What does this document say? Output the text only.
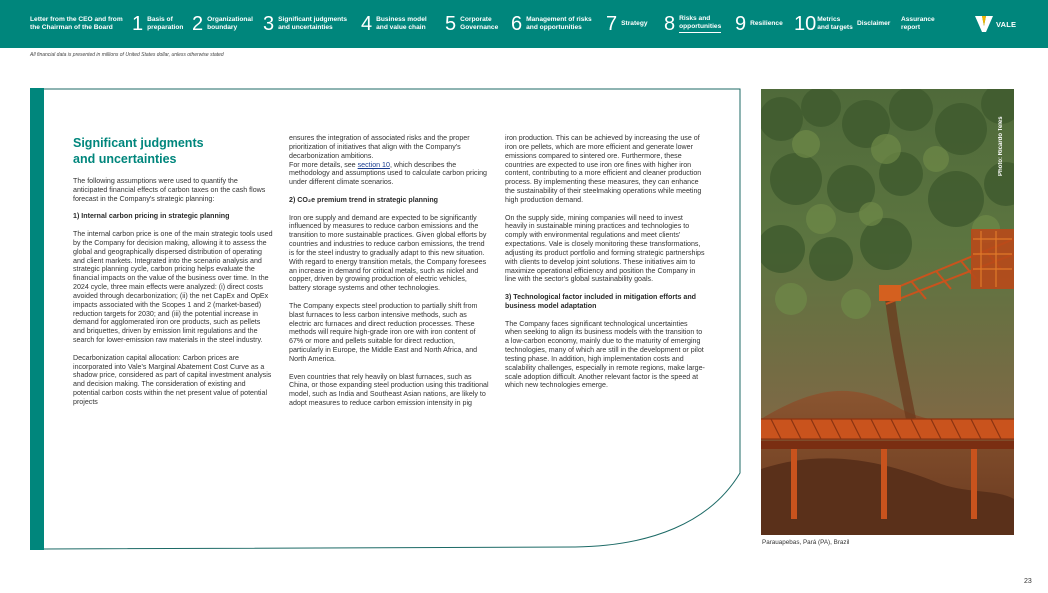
Letter from the CEO and from
the Chairman of the Board 1 Basis of
preparation 2 Organizational
boundary	3 Significant judgments
and uncertainties	4 Business model
and value chain 5 Corporate
Governance 6 Management of risks
and opportunities	7 Strategy 8 Risks and
opportunities 9 Resilience 10 Metrics
and targets
Disclaimer
Assurance
report	VALE
All financial data is presented in millions of United States dollar, unless otherwise stated
Significant judgments
and uncertainties

The following assumptions were used to quantify the anticipated financial effects of carbon taxes on the cash flows forecast in the Company's strategic planning:

1) Internal carbon pricing in strategic planning

The internal carbon price is one of the main strategic tools used by the Company for decision making, allowing it to assess the global and geographically dispersed distribution of operating and client markets. Integrated into the scenario analysis and strategic planning cycle, carbon pricing helps evaluate the financial impacts on the value of the business over time. In the 2024 cycle, three main effects were analyzed: (i) direct costs avoided through decarbonization; (ii) the net CapEx and OpEx impacts associated with the Scopes 1 and 2 (market-based) reduction targets for 2030; and (iii) the potential increase in demand for agglomerated iron ore products, such as pellets and briquettes, driven by emission limit regulations and the search for lower-emission raw materials in the steel industry.

Decarbonization capital allocation: Carbon prices are incorporated into Vale's Marginal Abatement Cost Curve as a shadow price, considered as part of capital investment analysis and decision making. The consideration of existing and potential carbon costs within the net present value of potential projects

ensures the integration of associated risks and the proper prioritization of initiatives that align with the Company's decarbonization ambitions.
For more details, see section 10, which describes the methodology and assumptions used to calculate carbon pricing under different climate scenarios.

2) CO₂e premium trend in strategic planning

Iron ore supply and demand are expected to be significantly influenced by measures to reduce carbon emissions and the transition to more sustainable practices. Given global efforts by countries and industries to reduce carbon emissions, the trend is for the steel industry to gradually adapt to this new situation. With regard to energy transition metals, the Company foresees an increase in demand for critical metals, such as nickel and copper, driven by growing production of electric vehicles, battery storage systems and other technologies.

The Company expects steel production to partially shift from blast furnaces to less carbon intensive methods, such as electric arc furnaces and direct reduction processes. These methods will require high-grade iron ore with iron content of 67% or more and pellets suitable for direct reduction, particularly in Europe, the Middle East and North Africa, and North America.

Even countries that rely heavily on blast furnaces, such as China, or those expanding steel production using this traditional model, such as India and Southeast Asian nations, are likely to adopt measures to reduce carbon emission intensity in pig

iron production. This can be achieved by increasing the use of iron ore pellets, which are more efficient and generate lower emissions compared to sintered ore. Furthermore, these countries are expected to use iron ore fines with higher iron content, contributing to a more efficient and cleaner production process. By implementing these measures, they can enhance the sustainability of their steelmaking operations while meeting high production demand.

On the supply side, mining companies will need to invest heavily in sustainable mining practices and technologies to comply with environmental regulations and meet clients' expectations. Vale is closely monitoring these transformations, adjusting its product portfolio and forming strategic partnerships with clients to develop joint solutions. These initiatives aim to maximize operational efficiency and position the Company in line with the sector's global sustainability goals.

3) Technological factor included in mitigation efforts and business model adaptation

The Company faces significant technological uncertainties when seeking to align its business models with the transition to a low-carbon economy, mainly due to the maturity of emerging technologies, many of which are still in the development or pilot testing phase. In addition, high implementation costs and scalability challenges, especially in remote regions, make large-scale adoption difficult. Another relevant factor is the speed at which new technologies emerge.

Photo: Ricardo Teles
Parauapebas, Pará (PA), Brazil
23
